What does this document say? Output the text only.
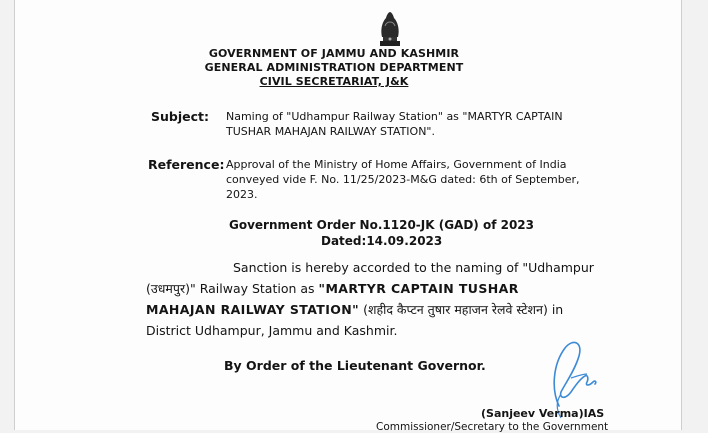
GOVERNMENT OF JAMMU AND KASHMIR
GENERAL ADMINISTRATION DEPARTMENT
CIVIL SECRETARIAT, J&K
Subject: Naming of "Udhampur Railway Station" as "MARTYR CAPTAIN
TUSHAR MAHAJAN RAILWAY STATION".
Reference: Approval of the Ministry of Home Affairs, Government of India
conveyed vide F. No. 11/25/2023-M&G dated: 6th of September,
2023.
Government Order No.1120-JK (GAD) of 2023
Dated:14.09.2023
Sanction is hereby accorded to the naming of "Udhampur
(उधमपुर)" Railway Station as "MARTYR CAPTAIN TUSHAR
MAHAJAN RAILWAY STATION" (शहीद कैप्टन तुषार महाजन रेलवे स्टेशन) in
District Udhampur, Jammu and Kashmir.
By Order of the Lieutenant Governor.
(Sanjeev Verma)IAS
Commissioner/Secretary to the Government
